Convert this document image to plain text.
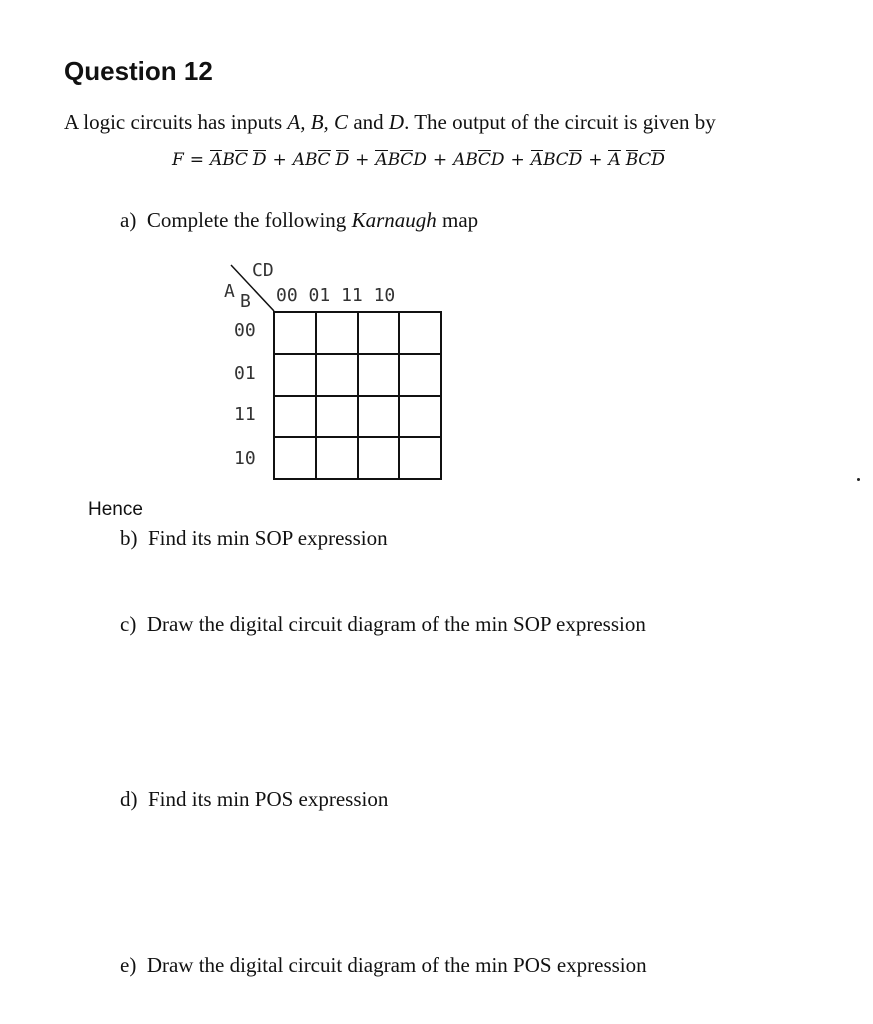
Question 12
A logic circuits has inputs A, B, C and D. The output of the circuit is given by
F = ABC D + ABC D + ABCD + ABCD + ABCD + A BCD
a) Complete the following Karnaugh map
CD
A B 00 01 11 10
00
01
11
10
Hence
b) Find its min SOP expression
c) Draw the digital circuit diagram of the min SOP expression
d) Find its min POS expression
e) Draw the digital circuit diagram of the min POS expression
